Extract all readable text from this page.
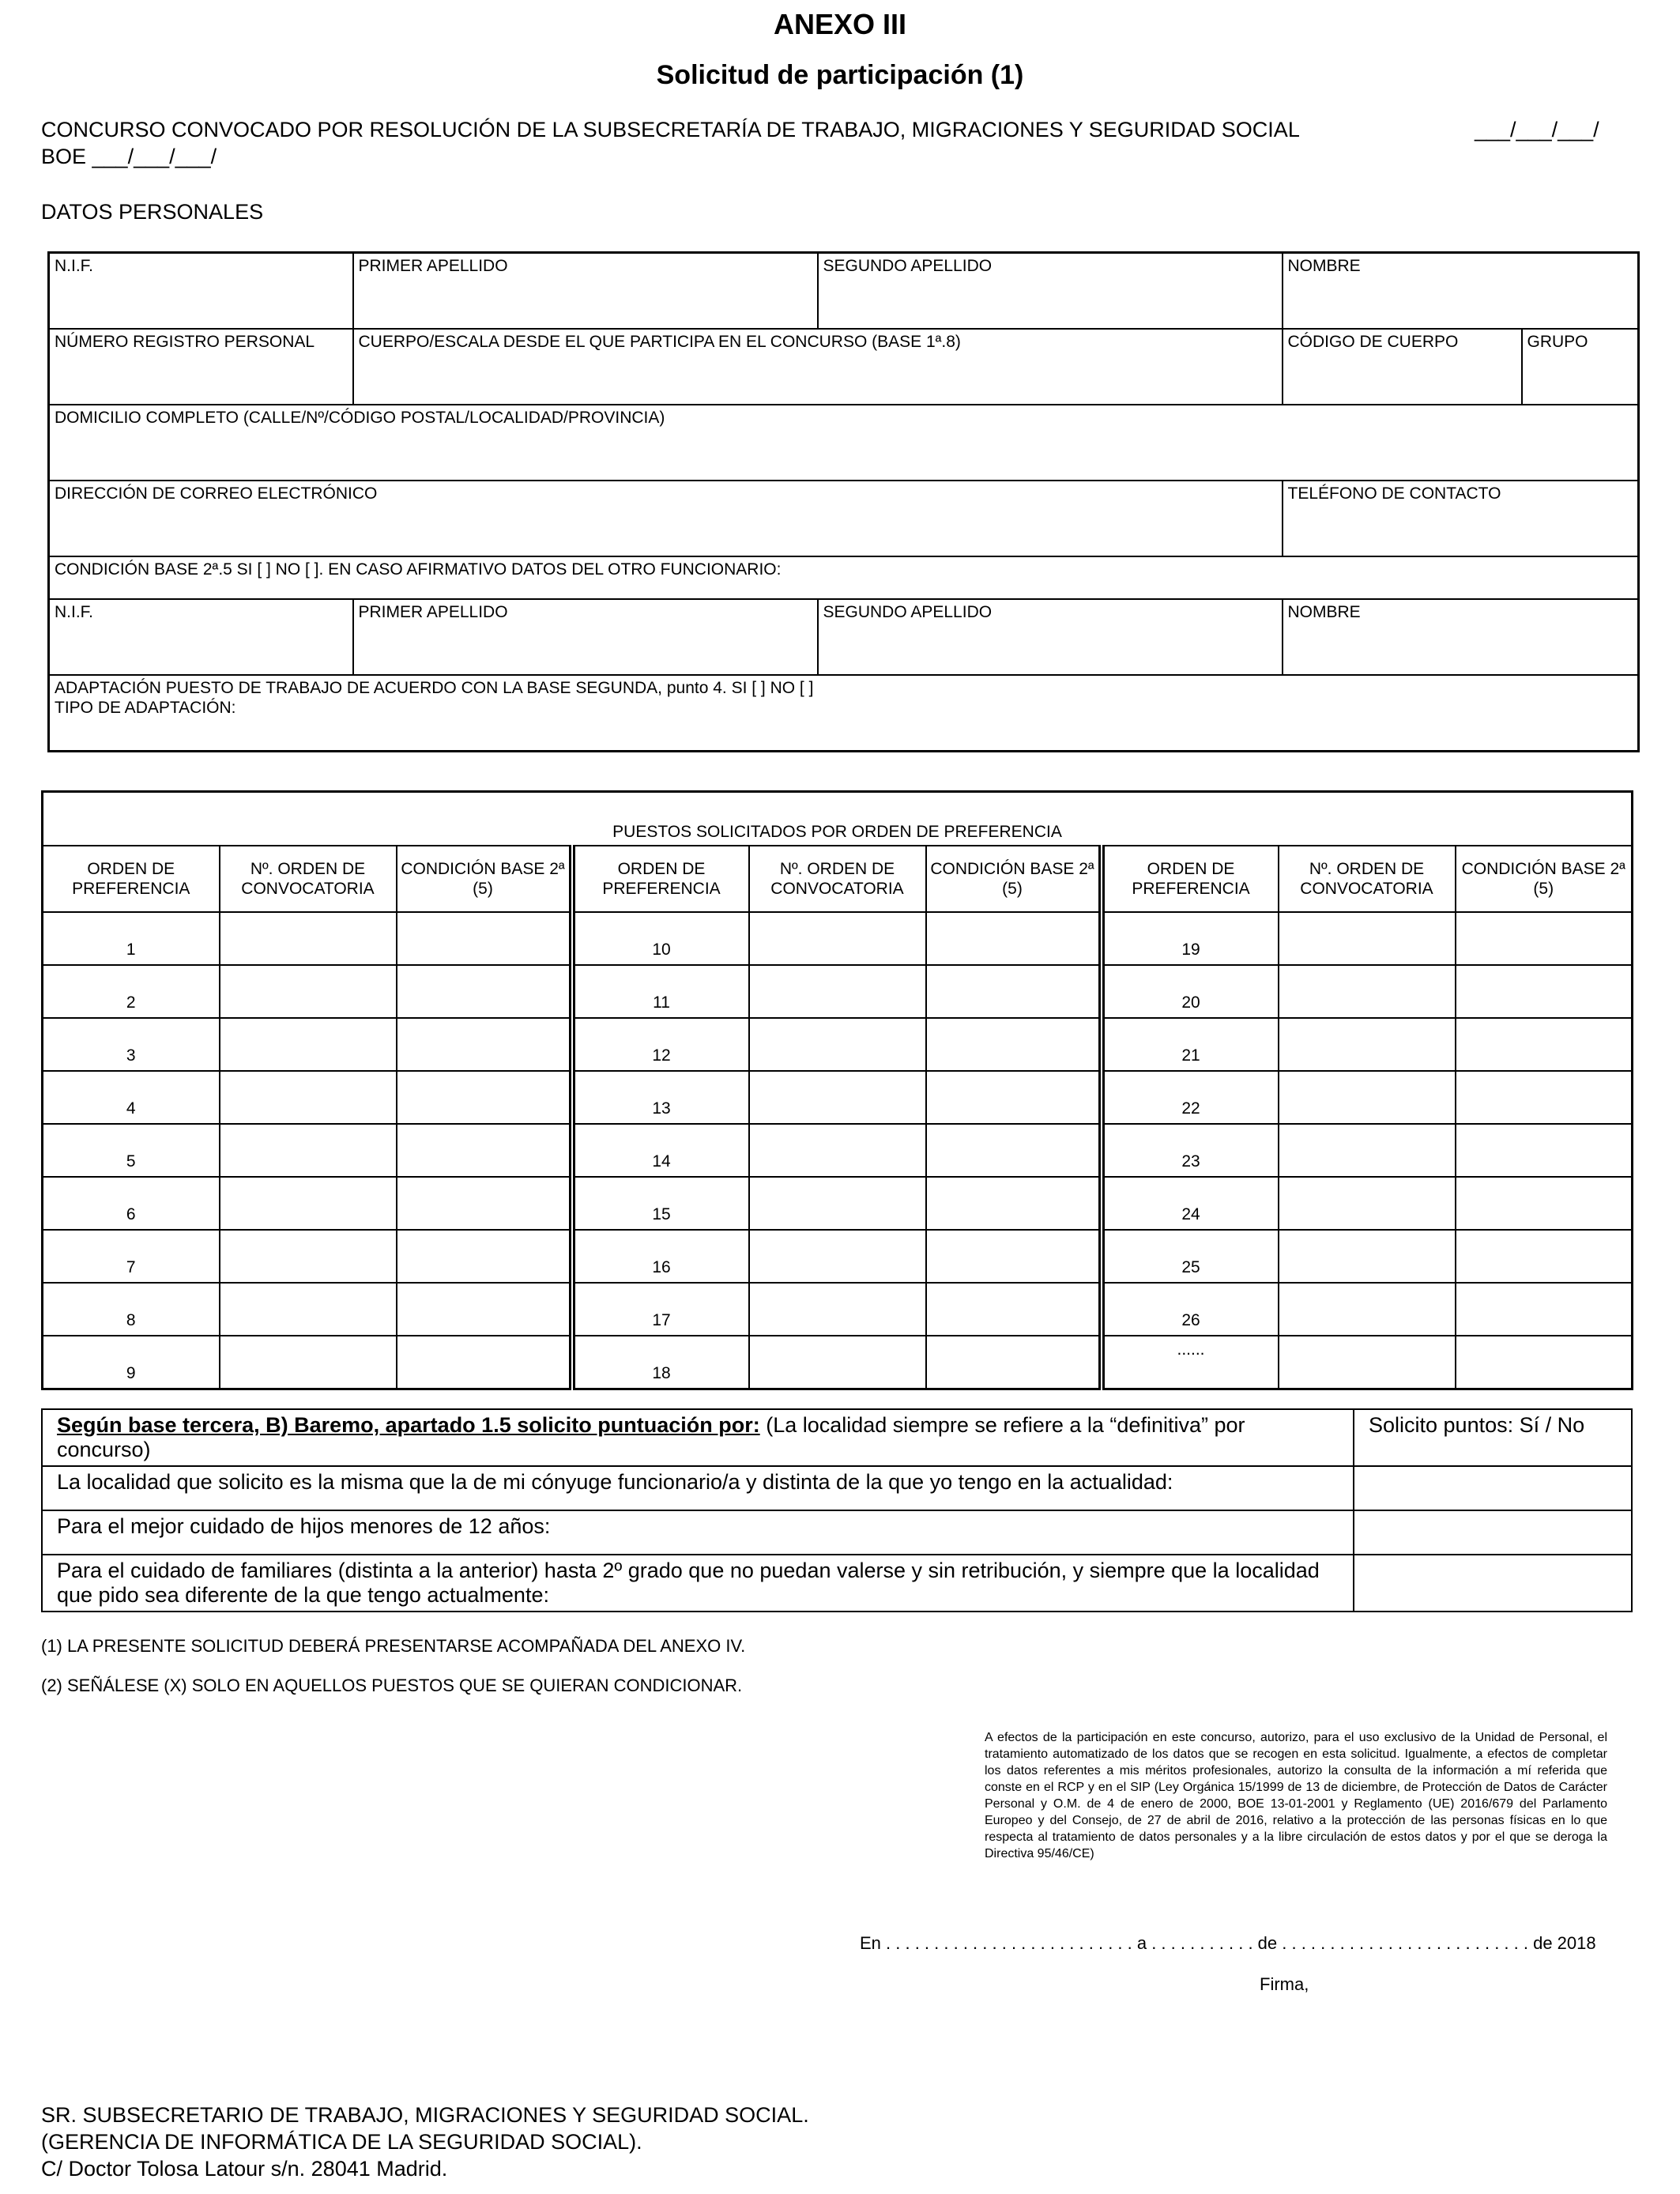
ANEXO III
Solicitud de participación (1)
CONCURSO CONVOCADO POR RESOLUCIÓN DE LA SUBSECRETARÍA DE TRABAJO, MIGRACIONES Y SEGURIDAD SOCIAL	___/___/___/
BOE ___/___/___/
DATOS PERSONALES
N.I.F.	PRIMER APELLIDO	SEGUNDO APELLIDO	NOMBRE	
NÚMERO REGISTRO PERSONAL	CUERPO/ESCALA DESDE EL QUE PARTICIPA EN EL CONCURSO (BASE 1ª.8)		CÓDIGO DE CUERPO	GRUPO
DOMICILIO COMPLETO (CALLE/Nº/CÓDIGO POSTAL/LOCALIDAD/PROVINCIA)				
DIRECCIÓN DE CORREO ELECTRÓNICO			TELÉFONO DE CONTACTO	
CONDICIÓN BASE 2ª.5 SI [ ] NO [ ]. EN CASO AFIRMATIVO DATOS DEL OTRO FUNCIONARIO:				
N.I.F.	PRIMER APELLIDO	SEGUNDO APELLIDO	NOMBRE	

ADAPTACIÓN PUESTO DE TRABAJO DE ACUERDO CON LA BASE SEGUNDA, punto 4. SI [ ] NO [ ]
TIPO DE ADAPTACIÓN:				
PUESTOS SOLICITADOS POR ORDEN DE PREFERENCIA								
ORDEN DE PREFERENCIA	Nº. ORDEN DE CONVOCATORIA	CONDICIÓN BASE 2ª (5)	ORDEN DE PREFERENCIA	Nº. ORDEN DE CONVOCATORIA	CONDICIÓN BASE 2ª (5)	ORDEN DE PREFERENCIA	Nº. ORDEN DE CONVOCATORIA	CONDICIÓN BASE 2ª (5)
1			10			19		
2			11			20		
3			12			21		
4			13			22		
5			14			23		
6			15			24		
7			16			25		
8			17			26		
9			18			......		
Según base tercera, B) Baremo, apartado 1.5 solicito puntuación por: (La localidad siempre se refiere a la “definitiva” por concurso)	Solicito puntos: Sí / No
La localidad que solicito es la misma que la de mi cónyuge funcionario/a y distinta de la que yo tengo en la actualidad:	
Para el mejor cuidado de hijos menores de 12 años:	
Para el cuidado de familiares (distinta a la anterior) hasta 2º grado que no puedan valerse y sin retribución, y siempre que la localidad que pido sea diferente de la que tengo actualmente:	
(1) LA PRESENTE SOLICITUD DEBERÁ PRESENTARSE ACOMPAÑADA DEL ANEXO IV.
(2) SEÑÁLESE (X) SOLO EN AQUELLOS PUESTOS QUE SE QUIERAN CONDICIONAR.
A efectos de la participación en este concurso, autorizo, para el uso exclusivo de la Unidad de Personal, el tratamiento automatizado de los datos que se recogen en esta solicitud. Igualmente, a efectos de completar los datos referentes a mis méritos profesionales, autorizo la consulta de la información a mí referida que conste en el RCP y en el SIP (Ley Orgánica 15/1999 de 13 de diciembre, de Protección de Datos de Carácter Personal y O.M. de 4 de enero de 2000, BOE 13-01-2001 y Reglamento (UE) 2016/679 del Parlamento Europeo y del Consejo, de 27 de abril de 2016, relativo a la protección de las personas físicas en lo que respecta al tratamiento de datos personales y a la libre circulación de estos datos y por el que se deroga la Directiva 95/46/CE)
En . . . . . . . . . . . . . . . . . . . . . . . . . . a . . . . . . . . . . . de . . . . . . . . . . . . . . . . . . . . . . . . . . de 2018
Firma,
SR. SUBSECRETARIO DE TRABAJO, MIGRACIONES Y SEGURIDAD SOCIAL.
(GERENCIA DE INFORMÁTICA DE LA SEGURIDAD SOCIAL).
C/ Doctor Tolosa Latour s/n. 28041 Madrid.
